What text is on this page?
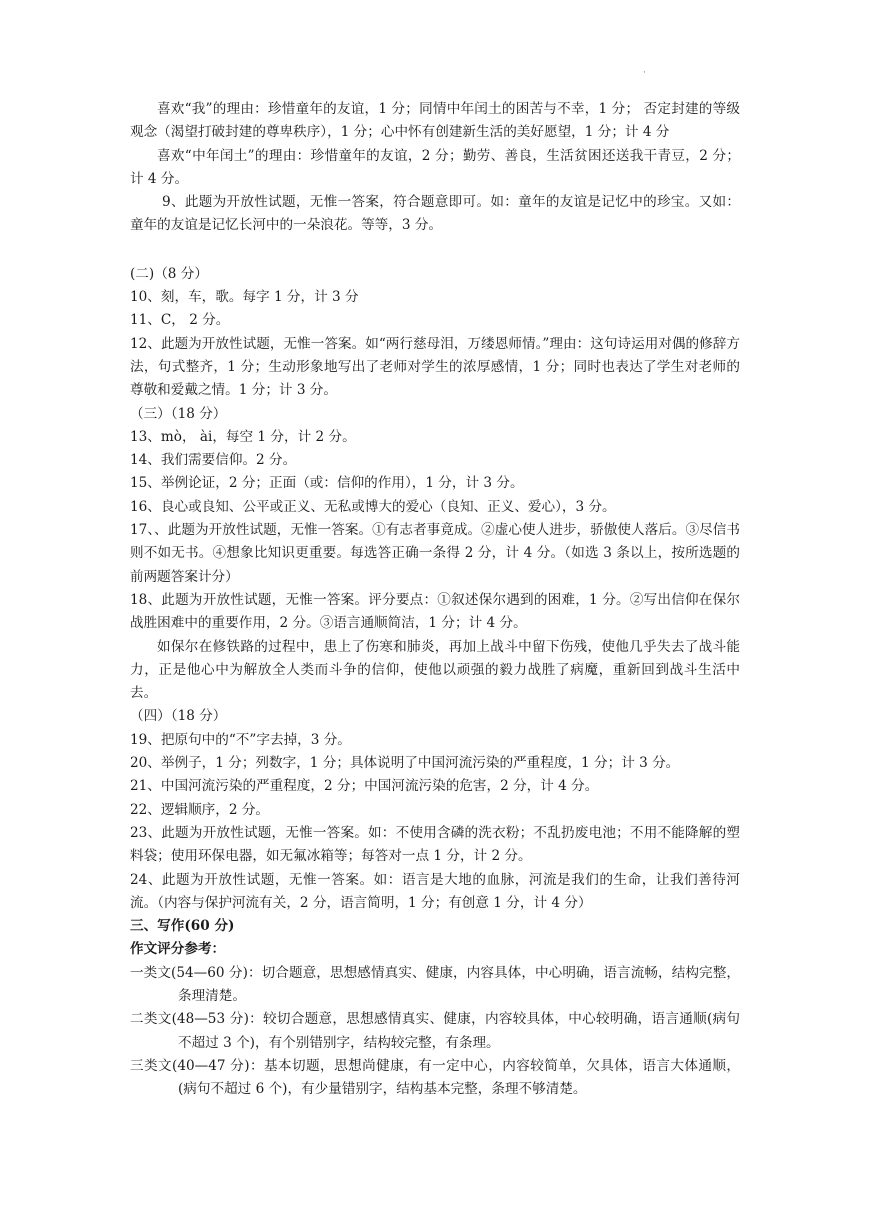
·

喜欢“我”的理由：珍惜童年的友谊，1 分；同情中年闰土的困苦与不幸，1 分； 否定封建的等级观念（渴望打破封建的尊卑秩序），1 分；心中怀有创建新生活的美好愿望，1 分；计 4 分

喜欢“中年闰土”的理由：珍惜童年的友谊，2 分；勤劳、善良，生活贫困还送我干青豆，2 分；计 4 分。

9、此题为开放性试题，无惟一答案，符合题意即可。如：童年的友谊是记忆中的珍宝。又如：童年的友谊是记忆长河中的一朵浪花。等等，3 分。

(二)（8 分）

10、刻，车，歌。每字 1 分，计 3 分

11、C， 2 分。

12、此题为开放性试题，无惟一答案。如“两行慈母泪，万缕恩师情。”理由：这句诗运用对偶的修辞方法，句式整齐，1 分；生动形象地写出了老师对学生的浓厚感情，1 分；同时也表达了学生对老师的尊敬和爱戴之情。1 分；计 3 分。

（三）（18 分）

13、mò， ài，每空 1 分，计 2 分。

14、我们需要信仰。2 分。

15、举例论证，2 分；正面（或：信仰的作用），1 分，计 3 分。

16、良心或良知、公平或正义、无私或博大的爱心（良知、正义、爱心），3 分。

17、、此题为开放性试题，无惟一答案。①有志者事竟成。②虚心使人进步，骄傲使人落后。③尽信书则不如无书。④想象比知识更重要。每选答正确一条得 2 分，计 4 分。（如选 3 条以上，按所选题的前两题答案计分）

18、此题为开放性试题，无惟一答案。评分要点：①叙述保尔遇到的困难，1 分。②写出信仰在保尔战胜困难中的重要作用，2 分。③语言通顺简洁，1 分；计 4 分。

如保尔在修铁路的过程中，患上了伤寒和肺炎，再加上战斗中留下伤残，使他几乎失去了战斗能力，正是他心中为解放全人类而斗争的信仰，使他以顽强的毅力战胜了病魔，重新回到战斗生活中去。

（四）（18 分）

19、把原句中的“不”字去掉，3 分。

20、举例子，1 分；列数字，1 分；具体说明了中国河流污染的严重程度，1 分；计 3 分。

21、中国河流污染的严重程度，2 分；中国河流污染的危害，2 分，计 4 分。

22、逻辑顺序，2 分。

23、此题为开放性试题，无惟一答案。如：不使用含磷的洗衣粉；不乱扔废电池；不用不能降解的塑料袋；使用环保电器，如无氟冰箱等；每答对一点 1 分，计 2 分。

24、此题为开放性试题，无惟一答案。如：语言是大地的血脉，河流是我们的生命，让我们善待河流。（内容与保护河流有关，2 分，语言简明，1 分；有创意 1 分，计 4 分）

三、写作(60 分)

作文评分参考：

一类文(54—60 分)：切合题意，思想感情真实、健康，内容具体，中心明确，语言流畅，结构完整，条理清楚。

二类文(48—53 分)：较切合题意，思想感情真实、健康，内容较具体，中心较明确，语言通顺(病句不超过 3 个)，有个别错别字，结构较完整，有条理。

三类文(40—47 分)：基本切题，思想尚健康，有一定中心，内容较简单，欠具体，语言大体通顺，(病句不超过 6 个)，有少量错别字，结构基本完整，条理不够清楚。
